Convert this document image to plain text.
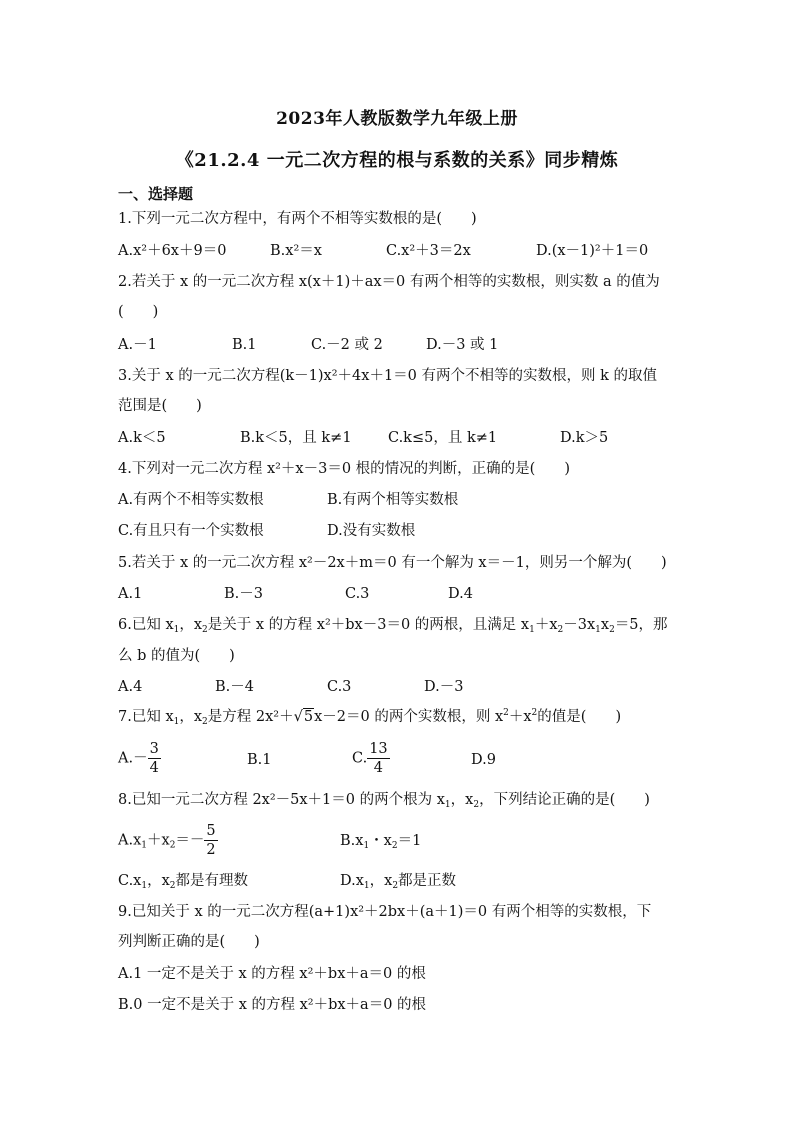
2023年人教版数学九年级上册
《21.2.4 一元二次方程的根与系数的关系》同步精炼
一、选择题
1.下列一元二次方程中，有两个不相等实数根的是(　　)
A.x²＋6x＋9＝0	B.x²＝x	C.x²＋3＝2x	D.(x－1)²＋1＝0
2.若关于 x 的一元二次方程 x(x＋1)＋ax＝0 有两个相等的实数根，则实数 a 的值为
(　　)
A.－1	B.1	C.－2 或 2	D.－3 或 1
3.关于 x 的一元二次方程(k－1)x²＋4x＋1＝0 有两个不相等的实数根，则 k 的取值
范围是(　　)
A.k＜5	B.k＜5，且 k≠1	C.k≤5，且 k≠1	D.k＞5
4.下列对一元二次方程 x²＋x－3＝0 根的情况的判断，正确的是(　　)
A.有两个不相等实数根	B.有两个相等实数根
C.有且只有一个实数根	D.没有实数根
5.若关于 x 的一元二次方程 x²－2x＋m＝0 有一个解为 x＝－1，则另一个解为(　　)
A.1	B.－3	C.3	D.4
6.已知 $x_1$，$x_2$是关于 x 的方程 x²＋bx－3＝0 的两根，且满足 $x_1+x_2-3x_1x_2=5$，那
么 b 的值为(　　)
A.4	B.－4	C.3	D.－3
7.已知 $x_1$，$x_2$是方程 2x²＋√5x－2＝0 的两个实数根，则 $x^2+x^2$的值是(　　)
$A.- \frac{3}{4}$	B.1	C. $\frac{13}{4}$	D.9
8.已知一元二次方程 2x²－5x＋1＝0 的两个根为 $x_1$，$x_2$，下列结论正确的是(　　)
$A.x_1+x_2=- \frac{5}{2}$	$B.x_1$・$x_2=1$
$C.x_1$，$x_2$都是有理数	$D.x_1$，$x_2$都是正数
9.已知关于 x 的一元二次方程(a+1)x²＋2bx＋(a＋1)＝0 有两个相等的实数根，下
列判断正确的是(　　)
A.1 一定不是关于 x 的方程 x²＋bx＋a＝0 的根
B.0 一定不是关于 x 的方程 x²＋bx＋a＝0 的根
